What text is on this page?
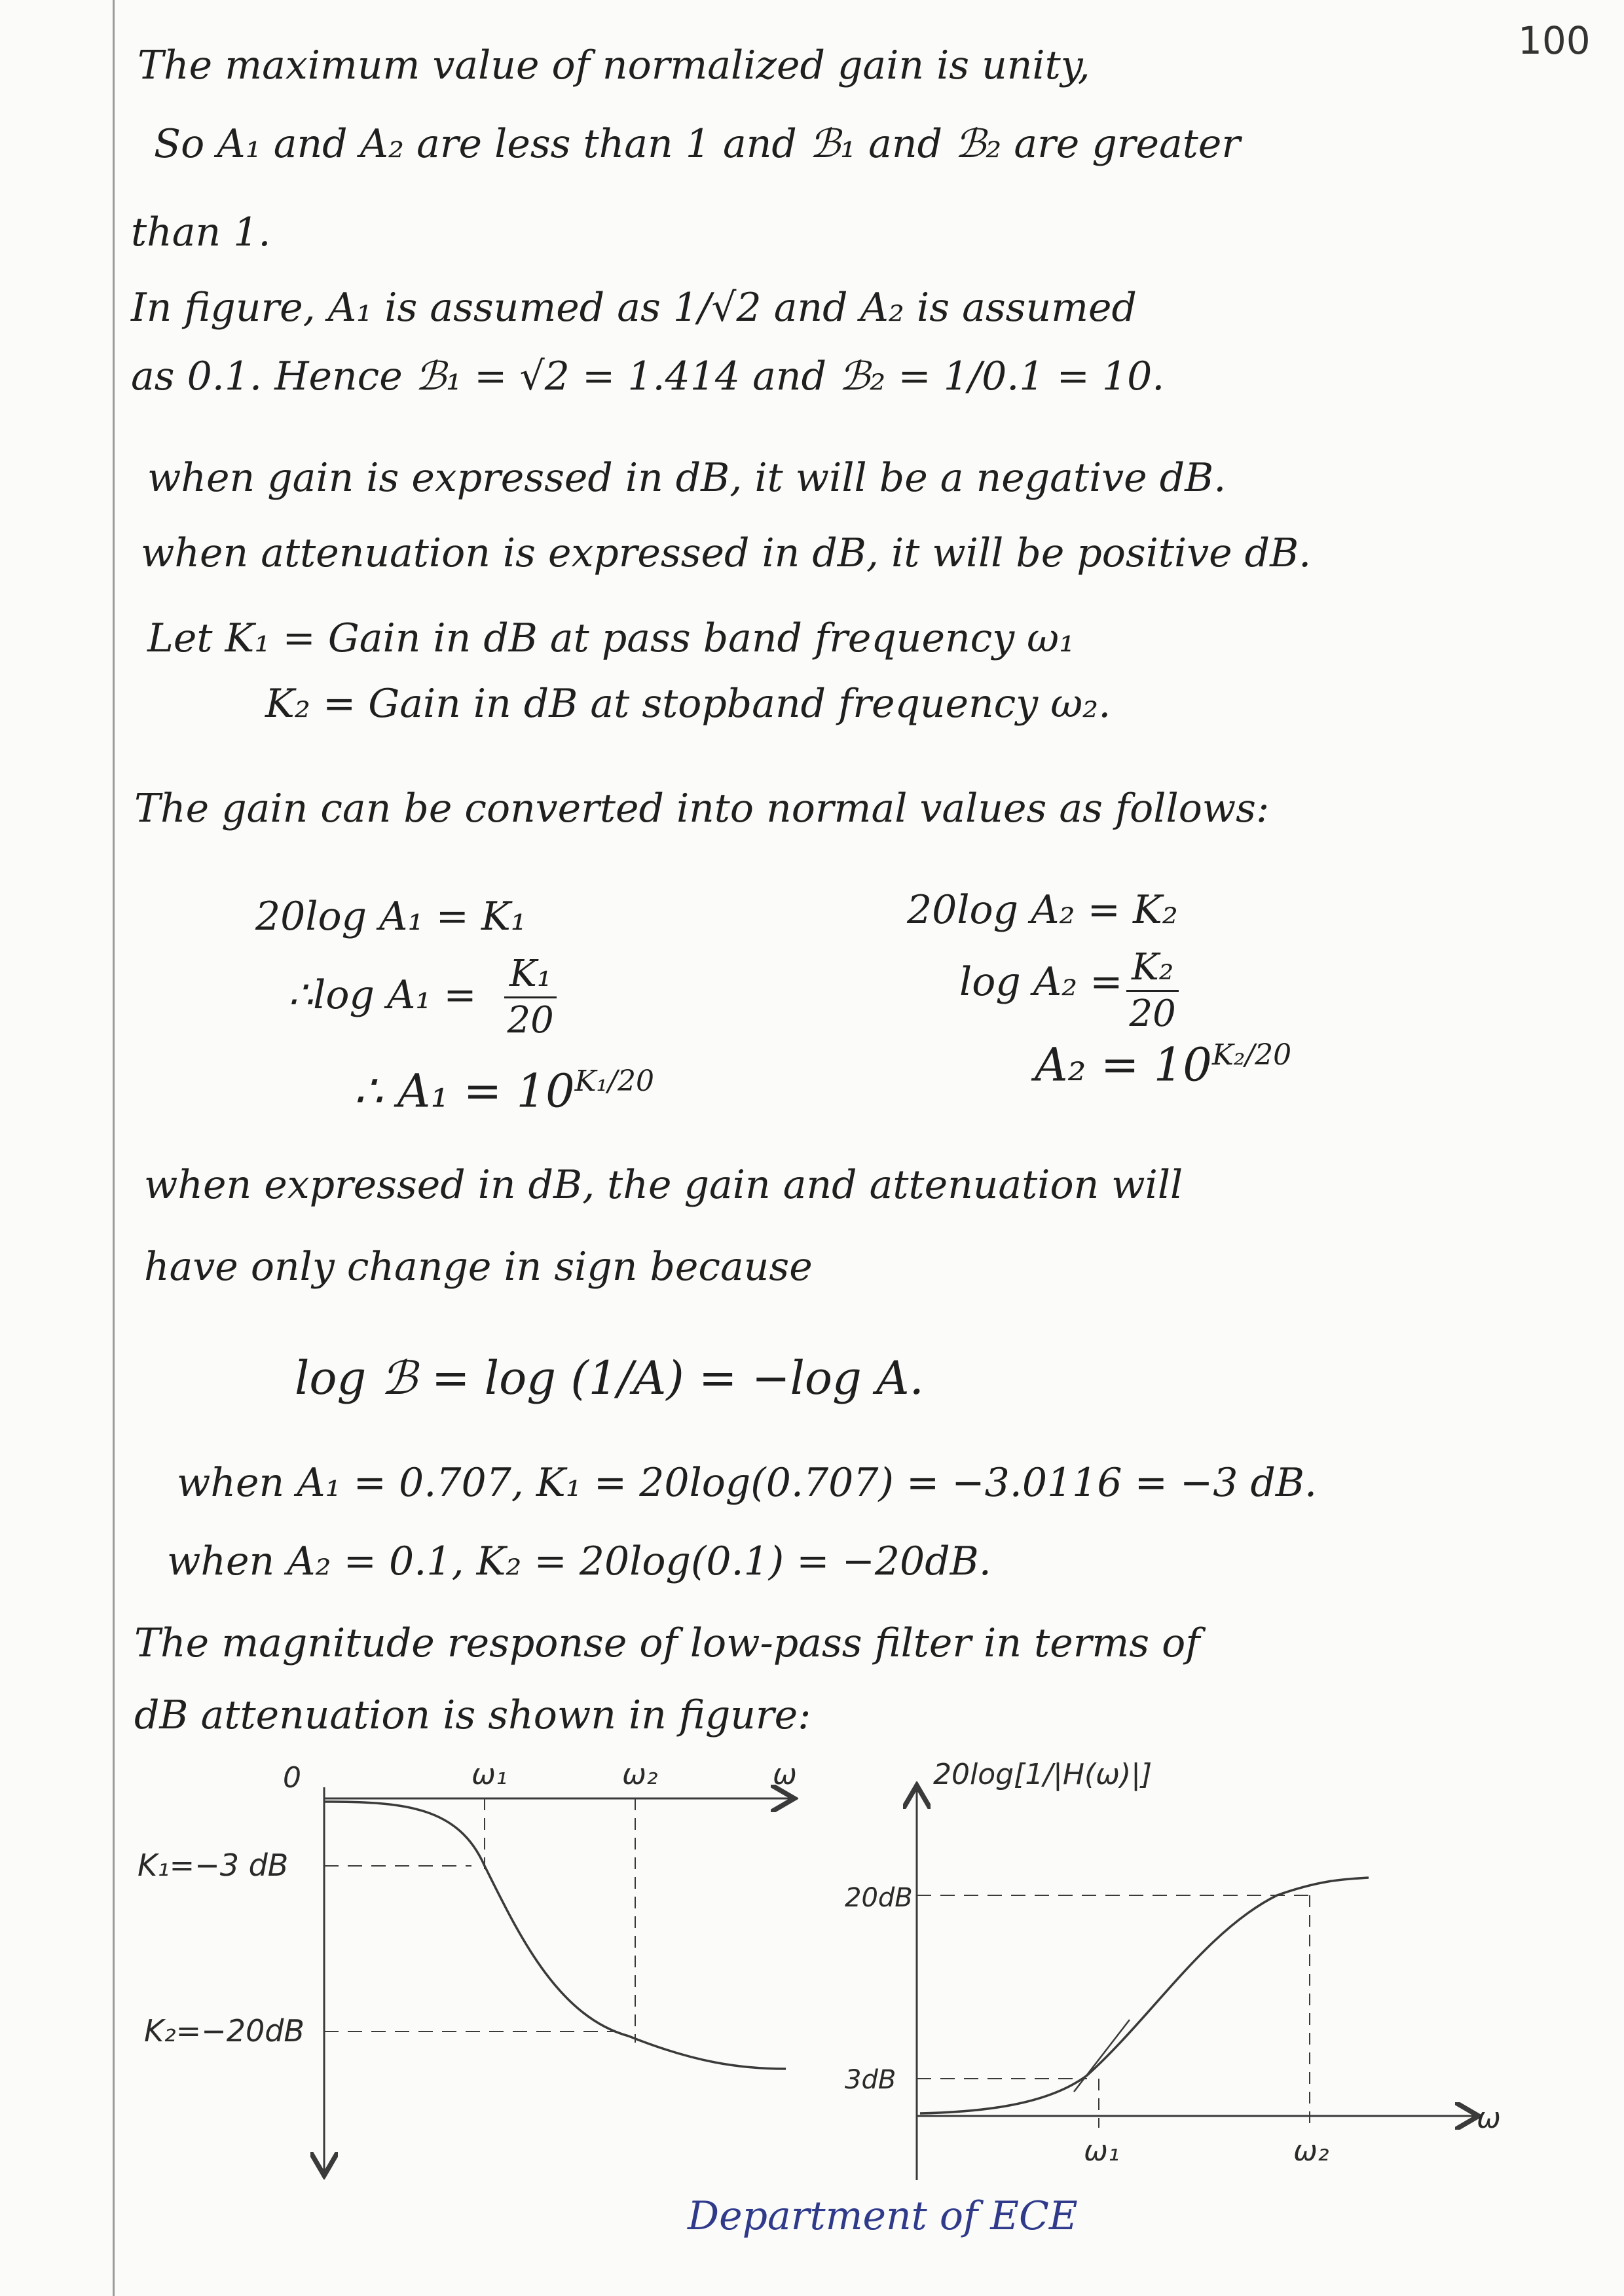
100
The maximum value of normalized gain is unity,
So A₁ and A₂ are less than 1 and ℬ₁ and ℬ₂ are greater
than 1.
In figure, A₁ is assumed as 1/√2 and A₂ is assumed
as 0.1. Hence ℬ₁ = √2 = 1.414 and ℬ₂ = 1/0.1 = 10.
when gain is expressed in dB, it will be a negative dB.
when attenuation is expressed in dB, it will be positive dB.
Let K₁ = Gain in dB at pass band frequency ω₁
K₂ = Gain in dB at stopband frequency ω₂.
The gain can be converted into normal values as follows:
20log A₁ = K₁
∴log $A_1 = \frac{\text{K₁}}{20}$
∴ $A_1 = 10^{K_1/20}$
20log A₂ = K₂
$\log A_2 = \frac{\text{K₂}}{20}$
$A_2 = 10^{K_2/20}$
when expressed in dB, the gain and attenuation will
have only change in sign because
log ℬ = log (1/A) = −log A.
when A₁ = 0.707, K₁ = 20log(0.707) = −3.0116 = −3 dB.
when A₂ = 0.1, K₂ = 20log(0.1) = −20dB.
The magnitude response of low-pass filter in terms of
dB attenuation is shown in figure:
0	ω₁	ω₂	ω
K₁=−3 dB
K₂=−20dB
20log[1/|H(ω)|]
20dB
3dB
ω₁	ω₂
ω
Department of ECE
